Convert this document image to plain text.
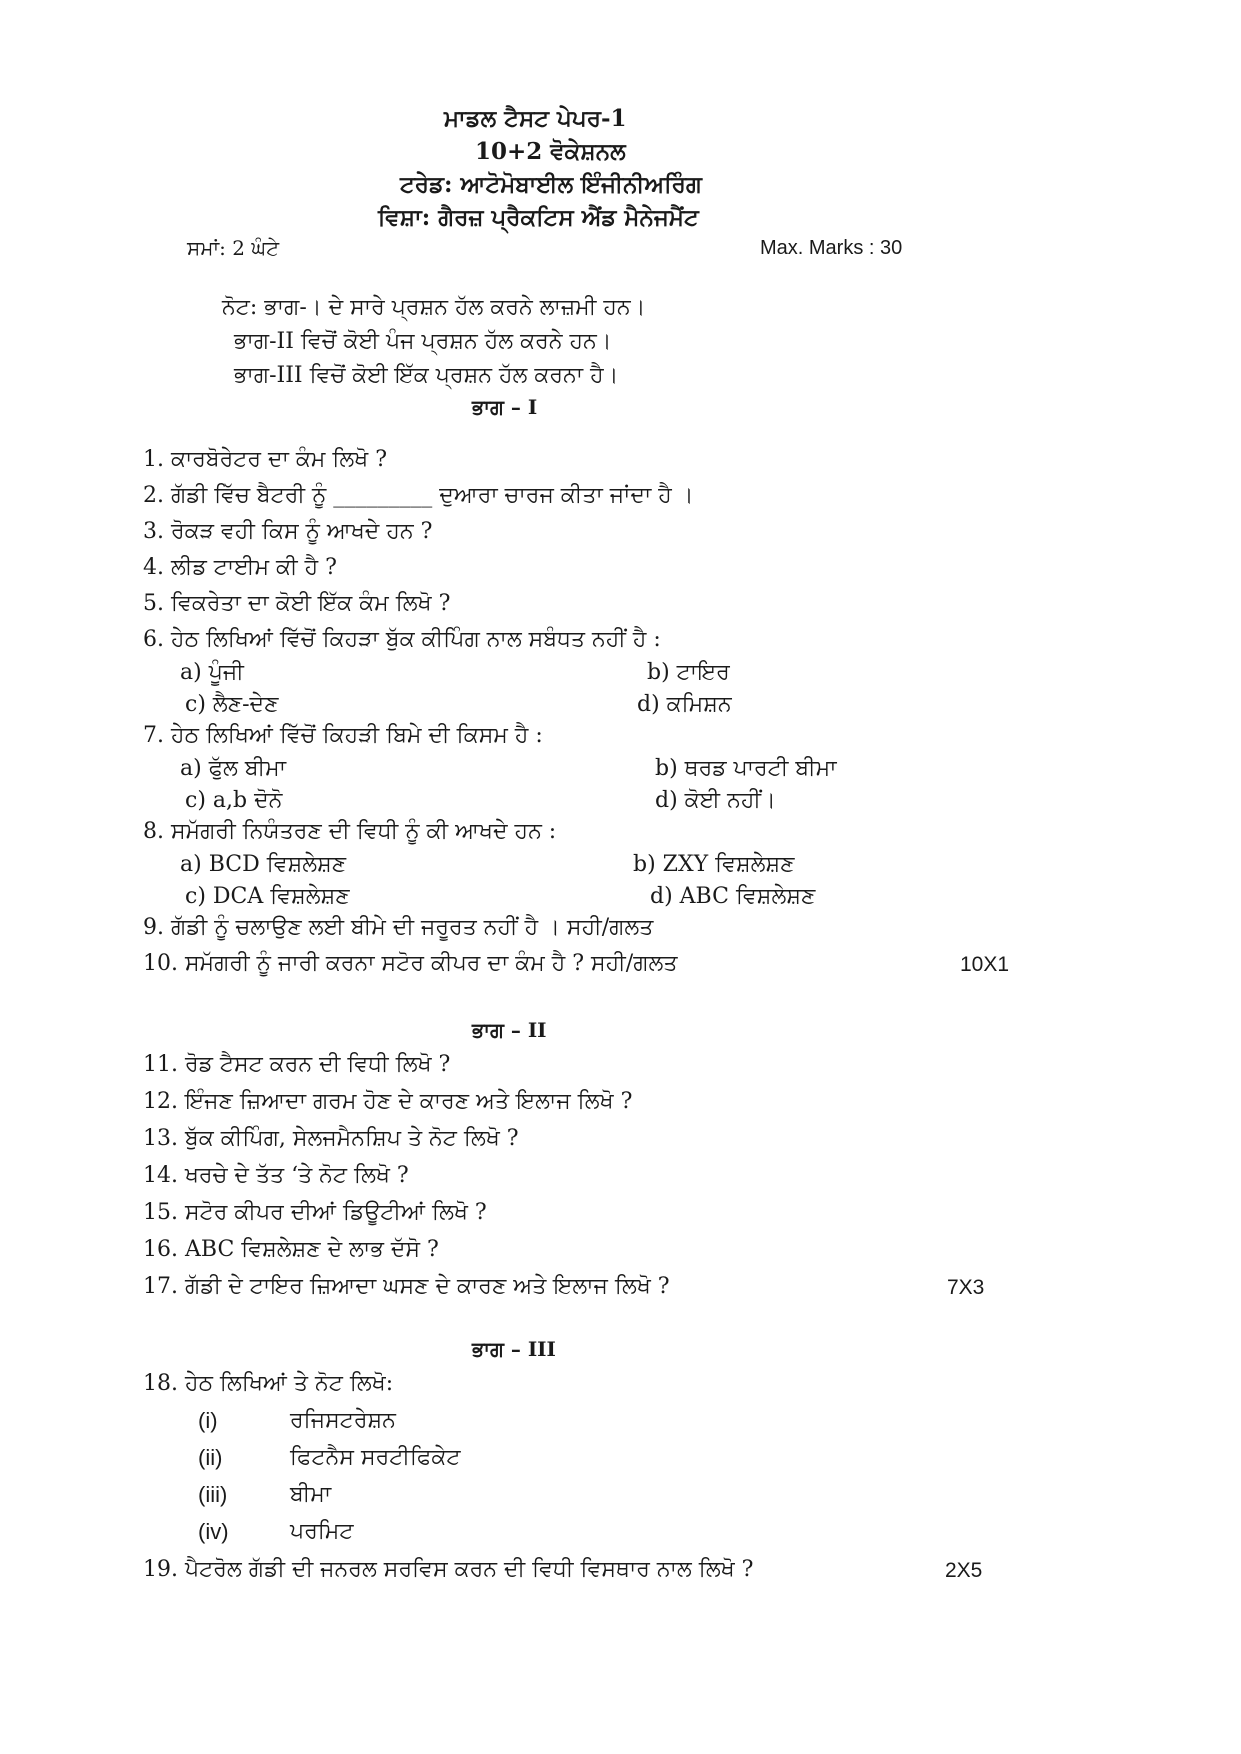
ਮਾਡਲ ਟੈਸਟ ਪੇਪਰ-1
10+2 ਵੋਕੇਸ਼ਨਲ
ਟਰੇਡ: ਆਟੋਮੋਬਾਈਲ ਇੰਜੀਨੀਅਰਿੰਗ
ਵਿਸ਼ਾ: ਗੈਰਜ਼ ਪ੍ਰੈਕਟਿਸ ਐਂਡ ਮੈਨੇਜਮੈਂਟ
ਸਮਾਂ: 2 ਘੰਟੇ	Max. Marks : 30
ਨੋਟ: ਭਾਗ-। ਦੇ ਸਾਰੇ ਪ੍ਰਸ਼ਨ ਹੱਲ ਕਰਨੇ ਲਾਜ਼ਮੀ ਹਨ।
ਭਾਗ-II ਵਿਚੋਂ ਕੋਈ ਪੰਜ ਪ੍ਰਸ਼ਨ ਹੱਲ ਕਰਨੇ ਹਨ।
ਭਾਗ-III ਵਿਚੋਂ ਕੋਈ ਇੱਕ ਪ੍ਰਸ਼ਨ ਹੱਲ ਕਰਨਾ ਹੈ।
ਭਾਗ – I
1. ਕਾਰਬੋਰੇਟਰ ਦਾ ਕੰਮ ਲਿਖੋ ?
2. ਗੱਡੀ ਵਿੱਚ ਬੈਟਰੀ ਨੂੰ _________ ਦੁਆਰਾ ਚਾਰਜ ਕੀਤਾ ਜਾਂਦਾ ਹੈ ।
3. ਰੋਕੜ ਵਹੀ ਕਿਸ ਨੂੰ ਆਖਦੇ ਹਨ ?
4. ਲੀਡ ਟਾਈਮ ਕੀ ਹੈ ?
5. ਵਿਕਰੇਤਾ ਦਾ ਕੋਈ ਇੱਕ ਕੰਮ ਲਿਖੋ ?
6. ਹੇਠ ਲਿਖਿਆਂ ਵਿੱਚੋਂ ਕਿਹੜਾ ਬੁੱਕ ਕੀਪਿੰਗ ਨਾਲ ਸਬੰਧਤ ਨਹੀਂ ਹੈ :
a) ਪੂੰਜੀ	b) ਟਾਇਰ
c) ਲੈਣ-ਦੇਣ	d) ਕਮਿਸ਼ਨ
7. ਹੇਠ ਲਿਖਿਆਂ ਵਿੱਚੋਂ ਕਿਹੜੀ ਬਿਮੇ ਦੀ ਕਿਸਮ ਹੈ :
a) ਫੁੱਲ ਬੀਮਾ	b) ਥਰਡ ਪਾਰਟੀ ਬੀਮਾ
c) a,b ਦੋਨੋ	d) ਕੋਈ ਨਹੀਂ।
8. ਸਮੱਗਰੀ ਨਿਯੰਤਰਣ ਦੀ ਵਿਧੀ ਨੂੰ ਕੀ ਆਖਦੇ ਹਨ :
a) BCD ਵਿਸ਼ਲੇਸ਼ਣ	b) ZXY ਵਿਸ਼ਲੇਸ਼ਣ
c) DCA ਵਿਸ਼ਲੇਸ਼ਣ	d) ABC ਵਿਸ਼ਲੇਸ਼ਣ
9. ਗੱਡੀ ਨੂੰ ਚਲਾਉਣ ਲਈ ਬੀਮੇ ਦੀ ਜਰੂਰਤ ਨਹੀਂ ਹੈ । ਸਹੀ/ਗਲਤ
10. ਸਮੱਗਰੀ ਨੂੰ ਜਾਰੀ ਕਰਨਾ ਸਟੋਰ ਕੀਪਰ ਦਾ ਕੰਮ ਹੈ ? ਸਹੀ/ਗਲਤ	10X1
ਭਾਗ – II
11. ਰੋਡ ਟੈਸਟ ਕਰਨ ਦੀ ਵਿਧੀ ਲਿਖੋ ?
12. ਇੰਜਣ ਜ਼ਿਆਦਾ ਗਰਮ ਹੋਣ ਦੇ ਕਾਰਣ ਅਤੇ ਇਲਾਜ ਲਿਖੋ ?
13. ਬੁੱਕ ਕੀਪਿੰਗ, ਸੇਲਜਮੈਨਸ਼ਿਪ ਤੇ ਨੋਟ ਲਿਖੋ ?
14. ਖਰਚੇ ਦੇ ਤੱਤ ‘ਤੇ ਨੋਟ ਲਿਖੋ ?
15. ਸਟੋਰ ਕੀਪਰ ਦੀਆਂ ਡਿਊਟੀਆਂ ਲਿਖੋ ?
16. ABC ਵਿਸ਼ਲੇਸ਼ਣ ਦੇ ਲਾਭ ਦੱਸੋ ?
17. ਗੱਡੀ ਦੇ ਟਾਇਰ ਜ਼ਿਆਦਾ ਘਸਣ ਦੇ ਕਾਰਣ ਅਤੇ ਇਲਾਜ ਲਿਖੋ ?	7X3
ਭਾਗ – III
18. ਹੇਠ ਲਿਖਿਆਂ ਤੇ ਨੋਟ ਲਿਖੋ:
(i)	ਰਜਿਸਟਰੇਸ਼ਨ
(ii)	ਫਿਟਨੈਸ ਸਰਟੀਫਿਕੇਟ
(iii)	ਬੀਮਾ
(iv)	ਪਰਮਿਟ
19. ਪੈਟਰੋਲ ਗੱਡੀ ਦੀ ਜਨਰਲ ਸਰਵਿਸ ਕਰਨ ਦੀ ਵਿਧੀ ਵਿਸਥਾਰ ਨਾਲ ਲਿਖੋ ?	2X5
